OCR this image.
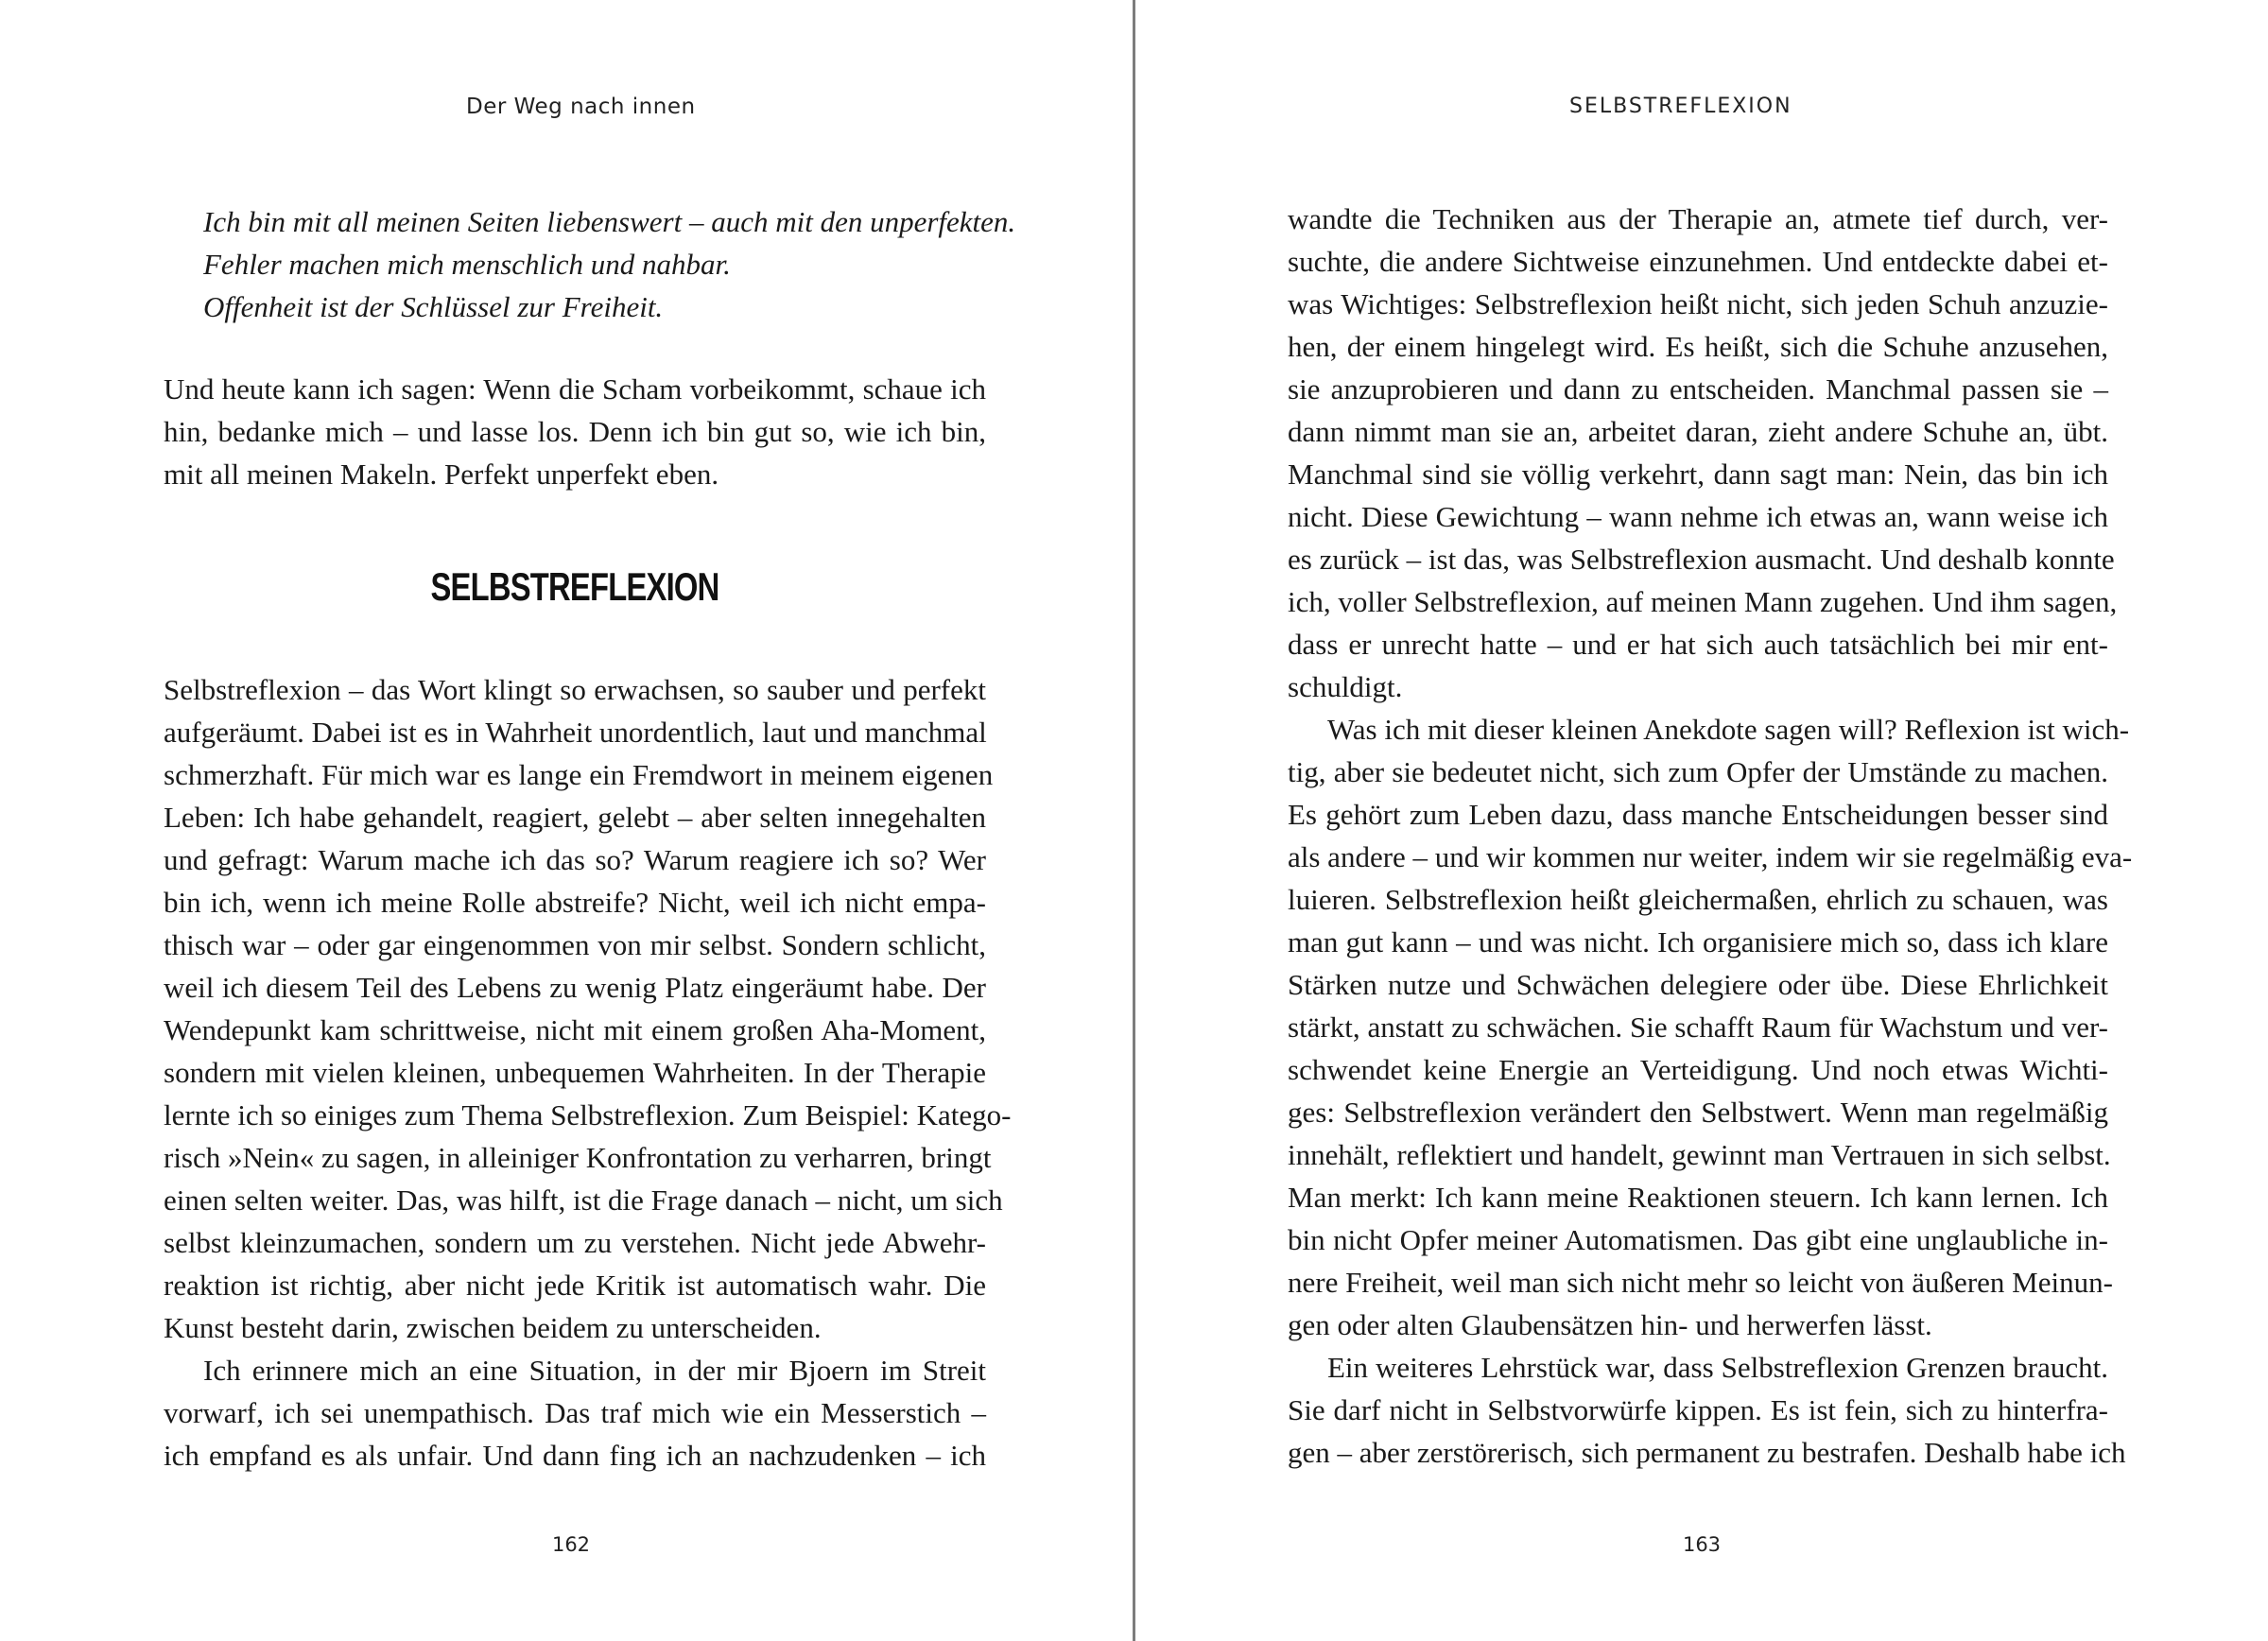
Der Weg nach innen
Ich bin mit all meinen Seiten liebenswert – auch mit den unperfekten.
Fehler machen mich menschlich und nahbar.
Offenheit ist der Schlüssel zur Freiheit.
Und heute kann ich sagen: Wenn die Scham vorbeikommt, schaue ich
hin, bedanke mich – und lasse los. Denn ich bin gut so, wie ich bin,
mit all meinen Makeln. Perfekt unperfekt eben.
SELBSTREFLEXION
Selbstreflexion – das Wort klingt so erwachsen, so sauber und perfekt
aufgeräumt. Dabei ist es in Wahrheit unordentlich, laut und manchmal
schmerzhaft. Für mich war es lange ein Fremdwort in meinem eigenen
Leben: Ich habe gehandelt, reagiert, gelebt – aber selten innegehalten
und gefragt: Warum mache ich das so? Warum reagiere ich so? Wer
bin ich, wenn ich meine Rolle abstreife? Nicht, weil ich nicht empa-
thisch war – oder gar eingenommen von mir selbst. Sondern schlicht,
weil ich diesem Teil des Lebens zu wenig Platz eingeräumt habe. Der
Wendepunkt kam schrittweise, nicht mit einem großen Aha-Moment,
sondern mit vielen kleinen, unbequemen Wahrheiten. In der Therapie
lernte ich so einiges zum Thema Selbstreflexion. Zum Beispiel: Katego-
risch »Nein« zu sagen, in alleiniger Konfrontation zu verharren, bringt
einen selten weiter. Das, was hilft, ist die Frage danach – nicht, um sich
selbst kleinzumachen, sondern um zu verstehen. Nicht jede Abwehr-
reaktion ist richtig, aber nicht jede Kritik ist automatisch wahr. Die
Kunst besteht darin, zwischen beidem zu unterscheiden.
Ich erinnere mich an eine Situation, in der mir Bjoern im Streit
vorwarf, ich sei unempathisch. Das traf mich wie ein Messerstich –
ich empfand es als unfair. Und dann fing ich an nachzudenken – ich
162
SELBSTREFLEXION
wandte die Techniken aus der Therapie an, atmete tief durch, ver-
suchte, die andere Sichtweise einzunehmen. Und entdeckte dabei et-
was Wichtiges: Selbstreflexion heißt nicht, sich jeden Schuh anzuzie-
hen, der einem hingelegt wird. Es heißt, sich die Schuhe anzusehen,
sie anzuprobieren und dann zu entscheiden. Manchmal passen sie –
dann nimmt man sie an, arbeitet daran, zieht andere Schuhe an, übt.
Manchmal sind sie völlig verkehrt, dann sagt man: Nein, das bin ich
nicht. Diese Gewichtung – wann nehme ich etwas an, wann weise ich
es zurück – ist das, was Selbstreflexion ausmacht. Und deshalb konnte
ich, voller Selbstreflexion, auf meinen Mann zugehen. Und ihm sagen,
dass er unrecht hatte – und er hat sich auch tatsächlich bei mir ent-
schuldigt.
Was ich mit dieser kleinen Anekdote sagen will? Reflexion ist wich-
tig, aber sie bedeutet nicht, sich zum Opfer der Umstände zu machen.
Es gehört zum Leben dazu, dass manche Entscheidungen besser sind
als andere – und wir kommen nur weiter, indem wir sie regelmäßig eva-
luieren. Selbstreflexion heißt gleichermaßen, ehrlich zu schauen, was
man gut kann – und was nicht. Ich organisiere mich so, dass ich klare
Stärken nutze und Schwächen delegiere oder übe. Diese Ehrlichkeit
stärkt, anstatt zu schwächen. Sie schafft Raum für Wachstum und ver-
schwendet keine Energie an Verteidigung. Und noch etwas Wichti-
ges: Selbstreflexion verändert den Selbstwert. Wenn man regelmäßig
innehält, reflektiert und handelt, gewinnt man Vertrauen in sich selbst.
Man merkt: Ich kann meine Reaktionen steuern. Ich kann lernen. Ich
bin nicht Opfer meiner Automatismen. Das gibt eine unglaubliche in-
nere Freiheit, weil man sich nicht mehr so leicht von äußeren Meinun-
gen oder alten Glaubensätzen hin- und herwerfen lässt.
Ein weiteres Lehrstück war, dass Selbstreflexion Grenzen braucht.
Sie darf nicht in Selbstvorwürfe kippen. Es ist fein, sich zu hinterfra-
gen – aber zerstörerisch, sich permanent zu bestrafen. Deshalb habe ich
163
